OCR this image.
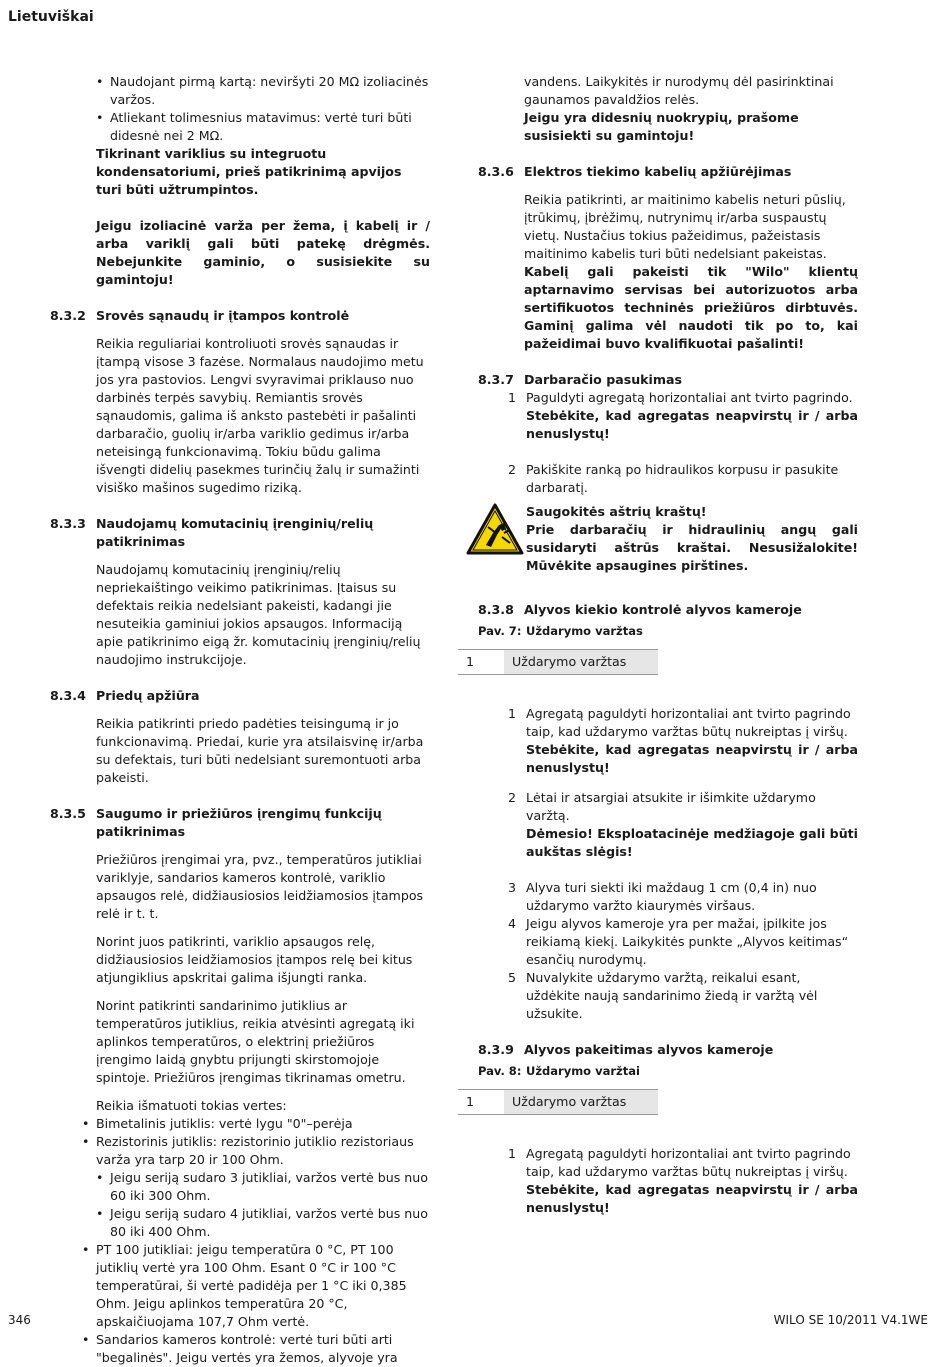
Lietuviškai
• Naudojant pirmą kartą: neviršyti 20 MΩ izoliacinės varžos.
• Atliekant tolimesnius matavimus: vertė turi būti didesnė nei 2 MΩ.

Tikrinant variklius su integruotu kondensatoriumi, prieš patikrinimą apvijos turi būti užtrumpintos.

Jeigu izoliacinė varža per žema, į kabelį ir / arba variklį gali būti patekę drėgmės. Nebejunkite gaminio, o susisiekite su gamintoju!

8.3.2 Srovės sąnaudų ir įtampos kontrolė

Reikia reguliariai kontroliuoti srovės sąnaudas ir įtampą visose 3 fazėse. Normalaus naudojimo metu jos yra pastovios. Lengvi svyravimai priklauso nuo darbinės terpės savybių. Remiantis srovės sąnaudomis, galima iš anksto pastebėti ir pašalinti darbaračio, guolių ir/arba variklio gedimus ir/arba neteisingą funkcionavimą. Tokiu būdu galima išvengti didelių pasekmes turinčių žalų ir sumažinti visiško mašinos sugedimo riziką.

8.3.3 Naudojamų komutacinių įrenginių/relių patikrinimas

Naudojamų komutacinių įrenginių/relių nepriekaištingo veikimo patikrinimas. Įtaisus su defektais reikia nedelsiant pakeisti, kadangi jie nesuteikia gaminiui jokios apsaugos. Informaciją apie patikrinimo eigą žr. komutacinių įrenginių/relių naudojimo instrukcijoje.

8.3.4 Priedų apžiūra

Reikia patikrinti priedo padėties teisingumą ir jo funkcionavimą. Priedai, kurie yra atsilaisvinę ir/arba su defektais, turi būti nedelsiant suremontuoti arba pakeisti.

8.3.5 Saugumo ir priežiūros įrengimų funkcijų patikrinimas

Priežiūros įrengimai yra, pvz., temperatūros jutikliai variklyje, sandarios kameros kontrolė, variklio apsaugos relė, didžiausiosios leidžiamosios įtampos relė ir t. t.

Norint juos patikrinti, variklio apsaugos relę, didžiausiosios leidžiamosios įtampos relę bei kitus atjungiklius apskritai galima išjungti ranka.

Norint patikrinti sandarinimo jutiklius ar temperatūros jutiklius, reikia atvėsinti agregatą iki aplinkos temperatūros, o elektrinį priežiūros įrengimo laidą gnybtu prijungti skirstomojoje spintoje. Priežiūros įrengimas tikrinamas ometru.

Reikia išmatuoti tokias vertes:

• Bimetalinis jutiklis: vertė lygu "0"–perėja
• Rezistorinis jutiklis: rezistorinio jutiklio rezistoriaus varža yra tarp 20 ir 100 Ohm.
• Jeigu seriją sudaro 3 jutikliai, varžos vertė bus nuo 60 iki 300 Ohm.
• Jeigu seriją sudaro 4 jutikliai, varžos vertė bus nuo 80 iki 400 Ohm.
• PT 100 jutikliai: jeigu temperatūra 0 °C, PT 100 jutiklių vertė yra 100 Ohm. Esant 0 °C ir 100 °C temperatūrai, ši vertė padidėja per 1 °C iki 0,385 Ohm. Jeigu aplinkos temperatūra 20 °C, apskaičiuojama 107,7 Ohm vertė.
• Sandarios kameros kontrolė: vertė turi būti arti "begalinės". Jeigu vertės yra žemos, alyvoje yra

vandens. Laikykitės ir nurodymų dėl pasirinktinai gaunamos pavaldžios relės.

Jeigu yra didesnių nuokrypių, prašome susisiekti su gamintoju!

8.3.6 Elektros tiekimo kabelių apžiūrėjimas

Reikia patikrinti, ar maitinimo kabelis neturi pūslių, įtrūkimų, įbrėžimų, nutrynimų ir/arba suspaustų vietų. Nustačius tokius pažeidimus, pažeistasis maitinimo kabelis turi būti nedelsiant pakeistas.

Kabelį gali pakeisti tik "Wilo" klientų aptarnavimo servisas bei autorizuotos arba sertifikuotos techninės priežiūros dirbtuvės. Gaminį galima vėl naudoti tik po to, kai pažeidimai buvo kvalifikuotai pašalinti!

8.3.7 Darbaračio pasukimas
1 Paguldyti agregatą horizontaliai ant tvirto pagrindo.

Stebėkite, kad agregatas neapvirstų ir / arba nenuslystų!

2 Pakiškite ranką po hidraulikos korpusu ir pasukite darbaratį.

Saugokitės aštrių kraštų!

Prie darbaračių ir hidraulinių angų gali susidaryti aštrūs kraštai. Nesusižalokite! Mūvėkite apsaugines pirštines.

8.3.8 Alyvos kiekio kontrolė alyvos kameroje
Pav. 7: Uždarymo varžtas
1	Uždarymo varžtas
1 Agregatą paguldyti horizontaliai ant tvirto pagrindo taip, kad uždarymo varžtas būtų nukreiptas į viršų.

Stebėkite, kad agregatas neapvirstų ir / arba nenuslystų!

2 Lėtai ir atsargiai atsukite ir išimkite uždarymo varžtą.

Dėmesio! Eksploatacinėje medžiagoje gali būti aukštas slėgis!

3 Alyva turi siekti iki maždaug 1 cm (0,4 in) nuo uždarymo varžto kiaurymės viršaus.

4 Jeigu alyvos kameroje yra per mažai, įpilkite jos reikiamą kiekį. Laikykitės punkte „Alyvos keitimas“ esančių nurodymų.

5 Nuvalykite uždarymo varžtą, reikalui esant, uždėkite naują sandarinimo žiedą ir varžtą vėl užsukite.

8.3.9 Alyvos pakeitimas alyvos kameroje
Pav. 8: Uždarymo varžtai
1	Uždarymo varžtas
1 Agregatą paguldyti horizontaliai ant tvirto pagrindo taip, kad uždarymo varžtas būtų nukreiptas į viršų.

Stebėkite, kad agregatas neapvirstų ir / arba nenuslystų!

346	WILO SE 10/2011 V4.1WE
